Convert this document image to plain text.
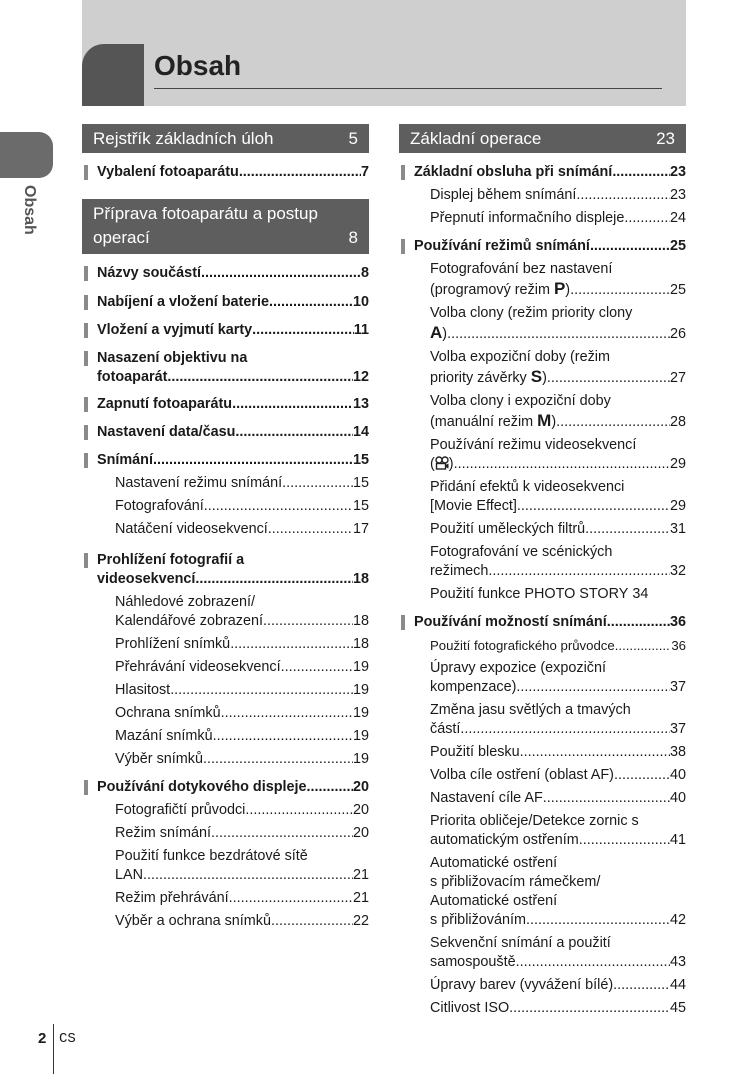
Obsah
Obsah
Rejstřík základních úloh	5
Vybalení fotoaparátu .....	7
Příprava fotoaparátu a postup
operací	8
Názvy součástí .....	8
Nabíjení a vložení baterie .....	10
Vložení a vyjmutí karty .....	11
Nasazení objektivu na
fotoaparát .....	12
Zapnutí fotoaparátu .....	13
Nastavení data/času .....	14
Snímání .....	15
Nastavení režimu snímání .....	15
Fotografování .....	15
Natáčení videosekvencí .....	17
Prohlížení fotografií a
videosekvencí .....	18
Náhledové zobrazení/
Kalendářové zobrazení .....	18
Prohlížení snímků .....	18
Přehrávání videosekvencí .....	19
Hlasitost .....	19
Ochrana snímků .....	19
Mazání snímků .....	19
Výběr snímků .....	19
Používání dotykového displeje .....	20
Fotografičtí průvodci .....	20
Režim snímání .....	20
Použití funkce bezdrátové sítě
LAN .....	21
Režim přehrávání .....	21
Výběr a ochrana snímků .....	22
Základní operace	23
Základní obsluha při snímání .....	23
Displej během snímání .....	23
Přepnutí informačního displeje .....	24
Používání režimů snímání .....	25
Fotografování bez nastavení
(programový režim P) .....	25
Volba clony (režim priority clony
A) .....	26
Volba expoziční doby (režim
priority závěrky S) .....	27
Volba clony i expoziční doby
(manuální režim M) .....	28
Používání režimu videosekvencí
( ) .....	29
Přidání efektů k videosekvenci
[Movie Effect] .....	29
Použití uměleckých filtrů .....	31
Fotografování ve scénických
režimech .....	32
Použití funkce PHOTO STORY 34
Používání možností snímání .....	36
Použití fotografického průvodce .....	36
Úpravy expozice (expoziční
kompenzace) .....	37
Změna jasu světlých a tmavých
částí .....	37
Použití blesku .....	38
Volba cíle ostření (oblast AF) .....	40
Nastavení cíle AF .....	40
Priorita obličeje/Detekce zornic s
automatickým ostřením .....	41
Automatické ostření
s přibližovacím rámečkem/
Automatické ostření
s přibližováním .....	42
Sekvenční snímání a použití
samospouště .....	43
Úpravy barev (vyvážení bílé) .....	44
Citlivost ISO .....	45
2 CS
